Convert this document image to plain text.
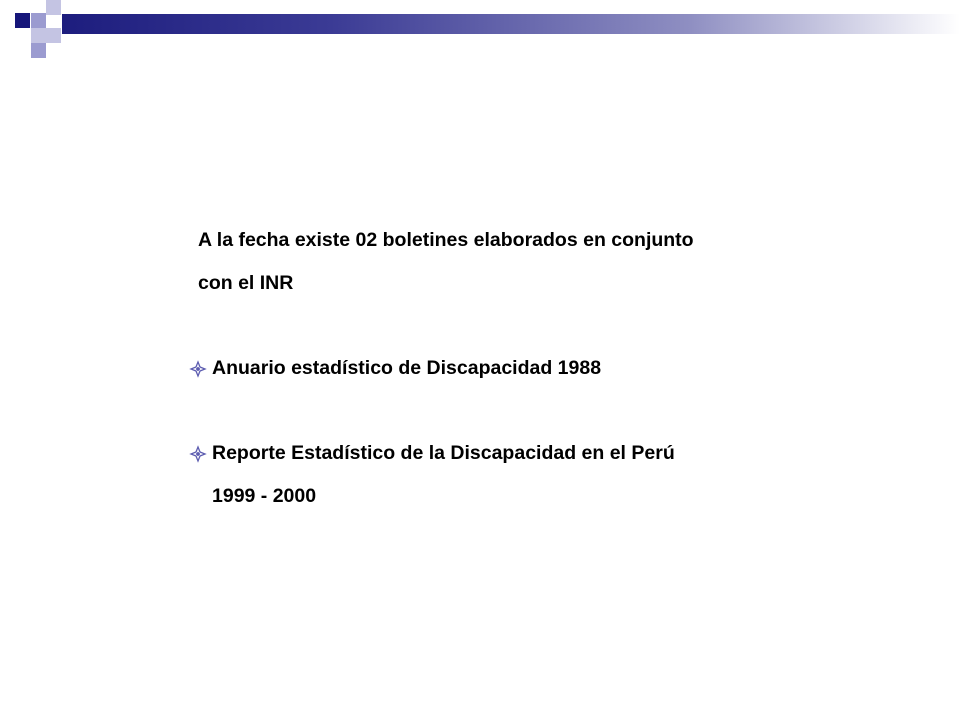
A la fecha existe 02 boletines elaborados en conjunto

con el INR

Anuario estadístico de Discapacidad 1988

Reporte Estadístico de la Discapacidad en el Perú

1999 - 2000
